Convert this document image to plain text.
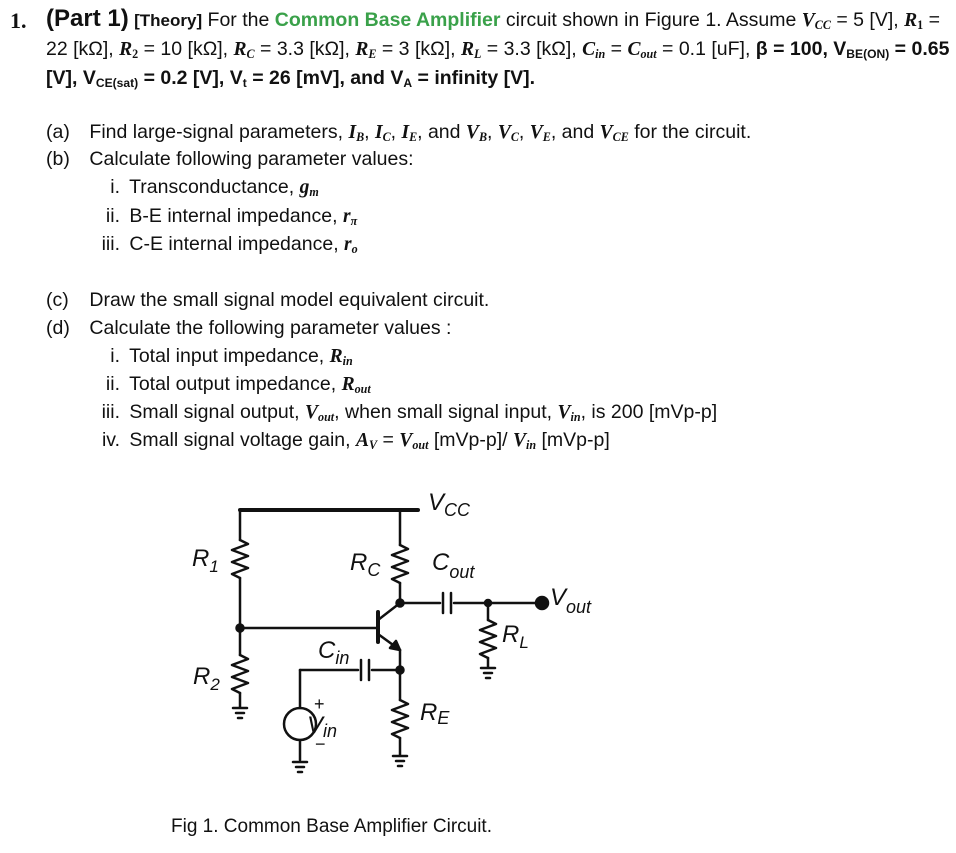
1. (Part 1) [Theory] For the Common Base Amplifier circuit shown in Figure 1. Assume $V_{CC} = 5$ [V], $R_1 = 22$ [kΩ], $R_2 = 10$ [kΩ], $R_C = 3.3$ [kΩ], $R_E = 3$ [kΩ], $R_L = 3.3$ [kΩ], $C_{in} = C_{out} = 0.1$ [uF], β = 100, $V_{BE(ON)} = 0.65$ [V], $V_{CE(sat)} = 0.2$ [V], $V_t = 26$ [mV], and $V_A$ = infinity [V].
(a) Find large-signal parameters, $I_B$, $I_C$, $I_E$, and $V_B$, $V_C$, $V_E$, and $V_{CE}$ for the circuit.
(b) Calculate following parameter values:
i. Transconductance, $g_m$
ii. B-E internal impedance, $r_\pi$
iii. C-E internal impedance, $r_o$
(c) Draw the small signal model equivalent circuit.
(d) Calculate the following parameter values :
i. Total input impedance, $R_{in}$
ii. Total output impedance, $R_{out}$
iii. Small signal output, $V_{out}$, when small signal input, $V_{in}$, is 200 [mVp-p]
iv. Small signal voltage gain, $A_V = V_{out}$ [mVp-p]/ $V_{in}$ [mVp-p]
$V_{CC}$
$R_1$
$R_2$
$R_C$ $C_{out}$
$V_{out}$
$R_L$
$C_{in}$
RE
Vin
+
−
Fig 1. Common Base Amplifier Circuit.
